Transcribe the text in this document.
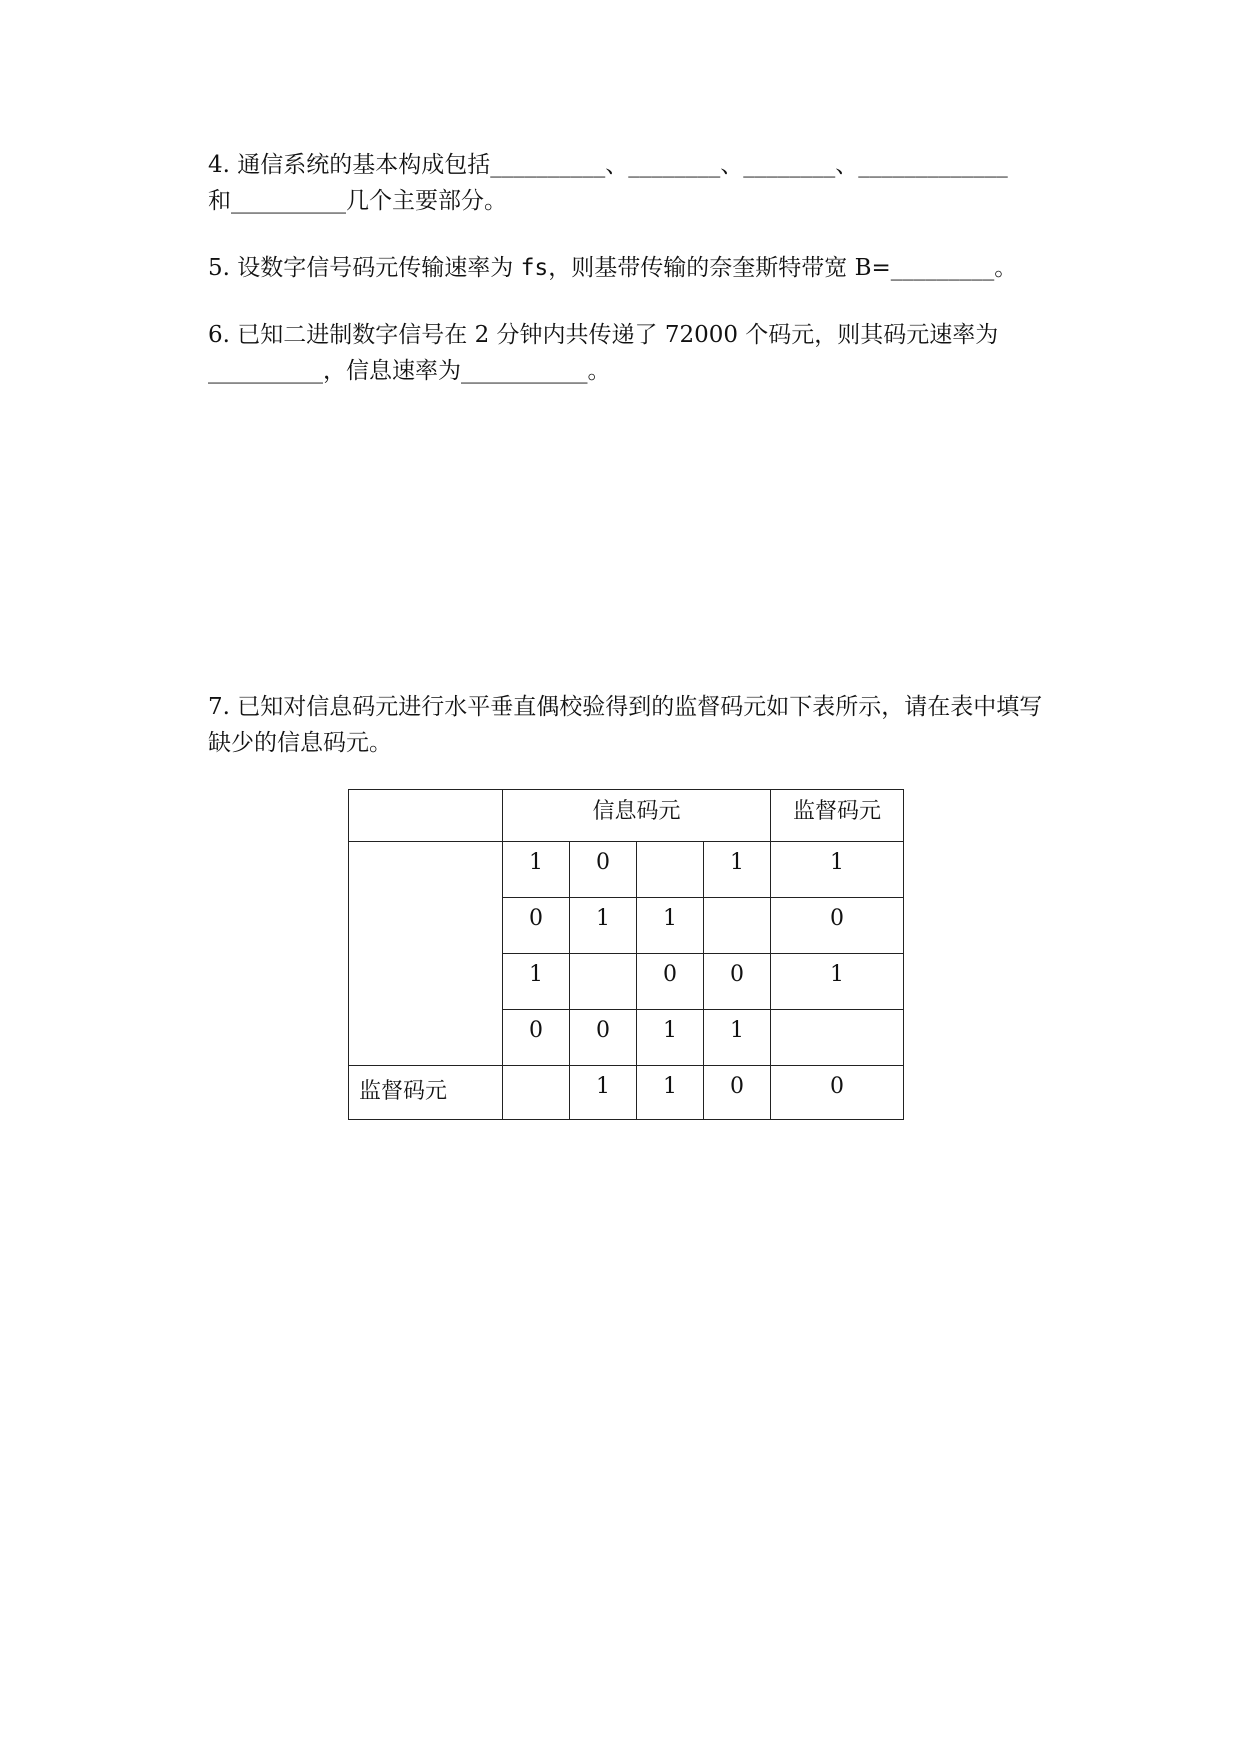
4. 通信系统的基本构成包括__________、________、________、_____________
和__________几个主要部分。
5. 设数字信号码元传输速率为 fs，则基带传输的奈奎斯特带宽 B=_________。
6. 已知二进制数字信号在 2 分钟内共传递了 72000 个码元，则其码元速率为
__________，信息速率为___________。
7. 已知对信息码元进行水平垂直偶校验得到的监督码元如下表所示，请在表中填写
缺少的信息码元。
	信息码元				监督码元
	1	0		1	1
	0	1	1		0
	1		0	0	1
	0	0	1	1	
监督码元		1	1	0	0
